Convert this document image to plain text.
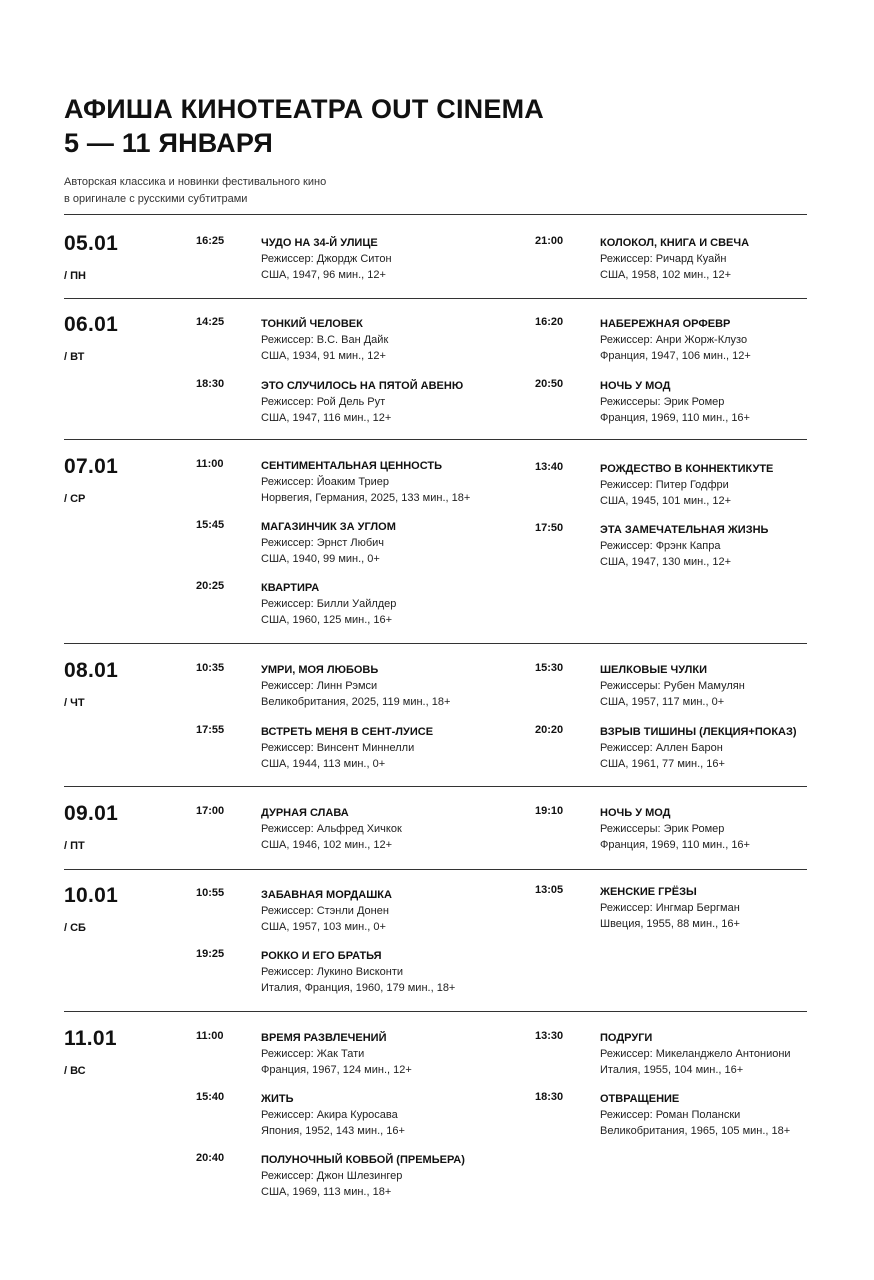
АФИША КИНОТЕАТРА OUT CINEMA
5 — 11 ЯНВАРЯ
Авторская классика и новинки фестивального кино
в оригинале с русскими субтитрами
05.01
/ ПН
16:25	ЧУДО НА 34-Й УЛИЦЕ
Режиссер: Джордж Ситон
США, 1947, 96 мин., 12+
21:00	КОЛОКОЛ, КНИГА И СВЕЧА
Режиссер: Ричард Куайн
США, 1958, 102 мин., 12+
06.01
/ ВТ
14:25	ТОНКИЙ ЧЕЛОВЕК
Режиссер: В.С. Ван Дайк
США, 1934, 91 мин., 12+
16:20	НАБЕРЕЖНАЯ ОРФЕВР
Режиссер: Анри Жорж-Клузо
Франция, 1947, 106 мин., 12+
18:30	ЭТО СЛУЧИЛОСЬ НА ПЯТОЙ АВЕНЮ
Режиссер: Рой Дель Рут
США, 1947, 116 мин., 12+
20:50	НОЧЬ У МОД
Режиссеры: Эрик Ромер
Франция, 1969, 110 мин., 16+
07.01
/ СР
11:00	СЕНТИМЕНТАЛЬНАЯ ЦЕННОСТЬ
Режиссер: Йоаким Триер
Норвегия, Германия, 2025, 133 мин., 18+
13:40	РОЖДЕСТВО В КОННЕКТИКУТЕ
Режиссер: Питер Годфри
США, 1945, 101 мин., 12+
15:45	МАГАЗИНЧИК ЗА УГЛОМ
Режиссер: Эрнст Любич
США, 1940, 99 мин., 0+
17:50	ЭТА ЗАМЕЧАТЕЛЬНАЯ ЖИЗНЬ
Режиссер: Фрэнк Капра
США, 1947, 130 мин., 12+
20:25	КВАРТИРА
Режиссер: Билли Уайлдер
США, 1960, 125 мин., 16+
08.01
/ ЧТ
10:35	УМРИ, МОЯ ЛЮБОВЬ
Режиссер: Линн Рэмси
Великобритания, 2025, 119 мин., 18+
15:30	ШЕЛКОВЫЕ ЧУЛКИ
Режиссеры: Рубен Мамулян
США, 1957, 117 мин., 0+
17:55	ВСТРЕТЬ МЕНЯ В СЕНТ-ЛУИСЕ
Режиссер: Винсент Миннелли
США, 1944, 113 мин., 0+
20:20	ВЗРЫВ ТИШИНЫ (ЛЕКЦИЯ+ПОКАЗ)
Режиссер: Аллен Барон
США, 1961, 77 мин., 16+
09.01
/ ПТ
17:00	ДУРНАЯ СЛАВА
Режиссер: Альфред Хичкок
США, 1946, 102 мин., 12+
19:10	НОЧЬ У МОД
Режиссеры: Эрик Ромер
Франция, 1969, 110 мин., 16+
10.01
/ СБ
10:55	ЗАБАВНАЯ МОРДАШКА
Режиссер: Стэнли Донен
США, 1957, 103 мин., 0+
13:05	ЖЕНСКИЕ ГРЁЗЫ
Режиссер: Ингмар Бергман
Швеция, 1955, 88 мин., 16+
19:25	РОККО И ЕГО БРАТЬЯ
Режиссер: Лукино Висконти
Италия, Франция, 1960, 179 мин., 18+
11.01
/ ВС
11:00	ВРЕМЯ РАЗВЛЕЧЕНИЙ
Режиссер: Жак Тати
Франция, 1967, 124 мин., 12+
13:30	ПОДРУГИ
Режиссер: Микеланджело Антониони
Италия, 1955, 104 мин., 16+
15:40	ЖИТЬ
Режиссер: Акира Куросава
Япония, 1952, 143 мин., 16+
18:30	ОТВРАЩЕНИЕ
Режиссер: Роман Полански
Великобритания, 1965, 105 мин., 18+
20:40	ПОЛУНОЧНЫЙ КОВБОЙ (ПРЕМЬЕРА)
Режиссер: Джон Шлезингер
США, 1969, 113 мин., 18+
